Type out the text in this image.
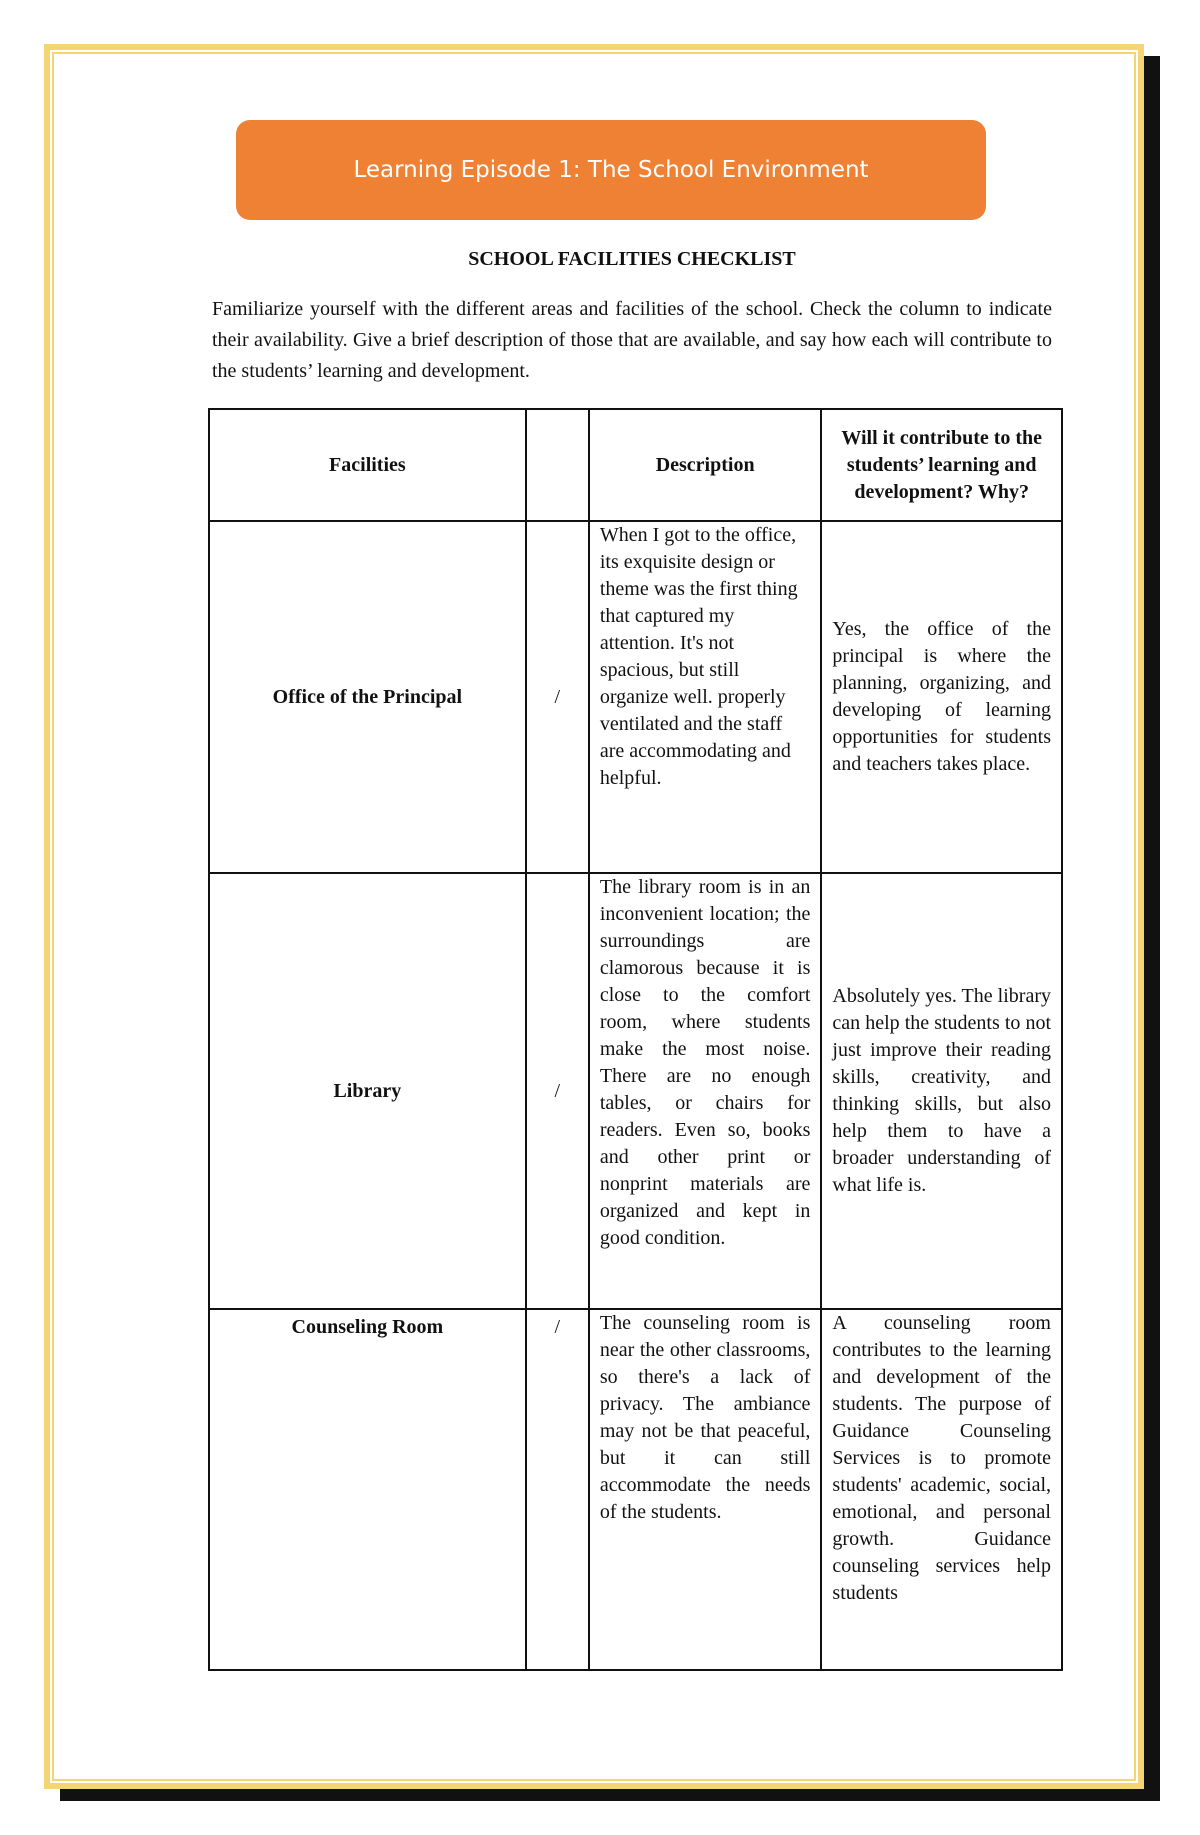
Learning Episode 1: The School Environment
SCHOOL FACILITIES CHECKLIST

Familiarize yourself with the different areas and facilities of the school. Check the column to indicate their availability. Give a brief description of those that are available, and say how each will contribute to the students’ learning and development.

Facilities		Description	Will it contribute to the students’ learning and development? Why?
Office of the Principal	/	When I got to the office, its exquisite design or theme was the first thing that captured my attention. It's not spacious, but still organize well. properly ventilated and the staff are accommodating and helpful.	Yes, the office of the principal is where the planning, organizing, and developing of learning opportunities for students and teachers takes place.
Library	/	The library room is in an inconvenient location; the surroundings are clamorous because it is close to the comfort room, where students make the most noise. There are no enough tables, or chairs for readers. Even so, books and other print or nonprint materials are organized and kept in good condition.	Absolutely yes. The library can help the students to not just improve their reading skills, creativity, and thinking skills, but also help them to have a broader understanding of what life is.
Counseling Room	/	The counseling room is near the other classrooms, so there's a lack of privacy. The ambiance may not be that peaceful, but it can still accommodate the needs of the students.	A counseling room contributes to the learning and development of the students. The purpose of Guidance Counseling Services is to promote students' academic, social, emotional, and personal growth. Guidance counseling services help students
